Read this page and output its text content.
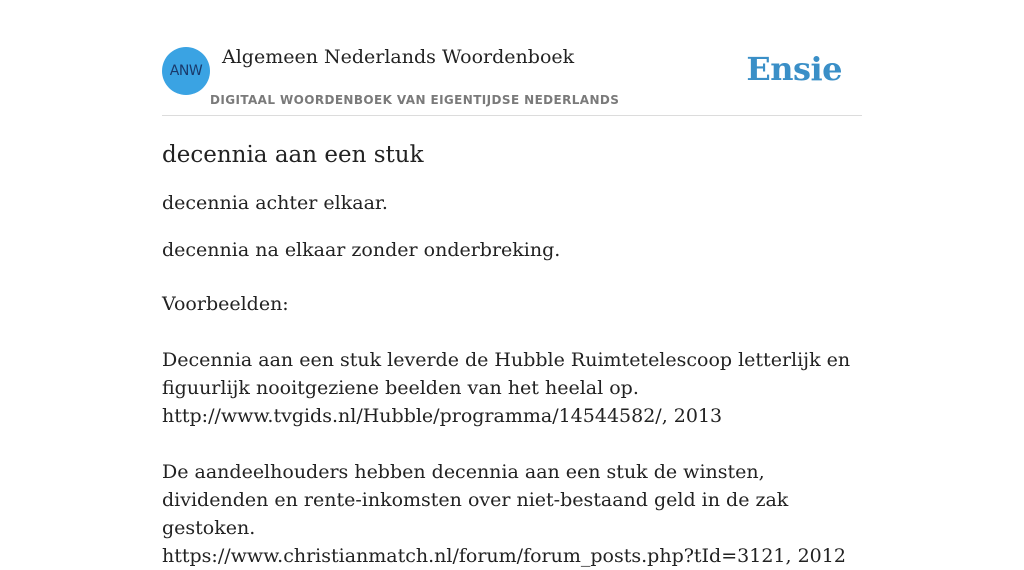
ANW
Algemeen Nederlands Woordenboek
DIGITAAL WOORDENBOEK VAN EIGENTIJDSE NEDERLANDS
Ensie
decennia aan een stuk

decennia achter elkaar.

decennia na elkaar zonder onderbreking.

Voorbeelden:
Decennia aan een stuk leverde de Hubble Ruimtetelescoop letterlijk en figuurlijk nooitgeziene beelden van het heelal op.
http://www.tvgids.nl/Hubble/programma/14544582/, 2013
De aandeelhouders hebben decennia aan een stuk de winsten, dividenden en rente-inkomsten over niet-bestaand geld in de zak gestoken.
https://www.christianmatch.nl/forum/forum_posts.php?tId=3121, 2012
